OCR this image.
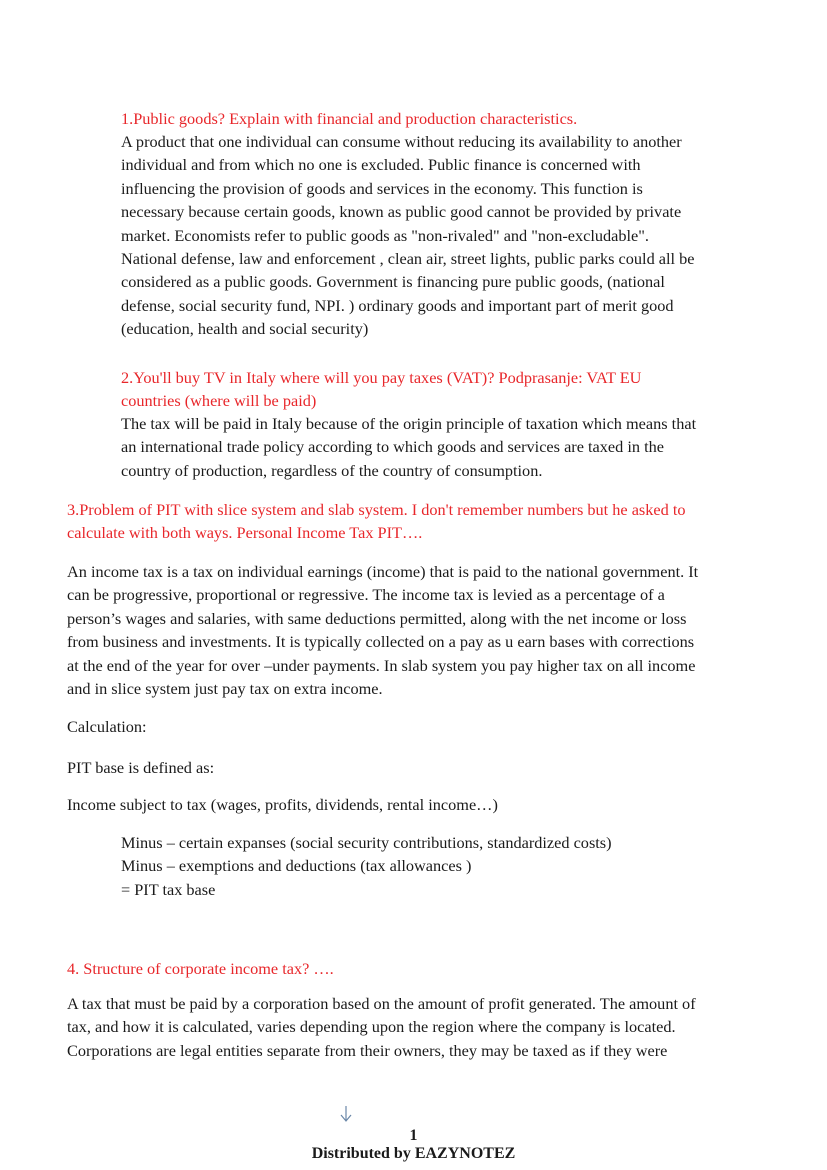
1.Public goods? Explain with financial and production characteristics.
A product that one individual can consume without reducing its availability to another
individual and from which no one is excluded. Public finance is concerned with
influencing the provision of goods and services in the economy. This function is
necessary because certain goods, known as public good cannot be provided by private
market. Economists refer to public goods as "non-rivaled" and "non-excludable".
National defense, law and enforcement , clean air, street lights, public parks could all be
considered as a public goods. Government is financing pure public goods, (national
defense, social security fund, NPI. ) ordinary goods and important part of merit good
(education, health and social security)
2.You'll buy TV in Italy where will you pay taxes (VAT)? Podprasanje: VAT EU
countries (where will be paid)
The tax will be paid in Italy because of the origin principle of taxation which means that
an international trade policy according to which goods and services are taxed in the
country of production, regardless of the country of consumption.
3.Problem of PIT with slice system and slab system. I don't remember numbers but he asked to
calculate with both ways. Personal Income Tax PIT….
An income tax is a tax on individual earnings (income) that is paid to the national government. It
can be progressive, proportional or regressive. The income tax is levied as a percentage of a
person’s wages and salaries, with same deductions permitted, along with the net income or loss
from business and investments. It is typically collected on a pay as u earn bases with corrections
at the end of the year for over –under payments. In slab system you pay higher tax on all income
and in slice system just pay tax on extra income.
Calculation:
PIT base is defined as:
Income subject to tax (wages, profits, dividends, rental income…)
Minus – certain expanses (social security contributions, standardized costs)
Minus – exemptions and deductions (tax allowances )
= PIT tax base
4. Structure of corporate income tax? ….
A tax that must be paid by a corporation based on the amount of profit generated. The amount of
tax, and how it is calculated, varies depending upon the region where the company is located.
Corporations are legal entities separate from their owners, they may be taxed as if they were
1
Distributed by EAZYNOTEZ
